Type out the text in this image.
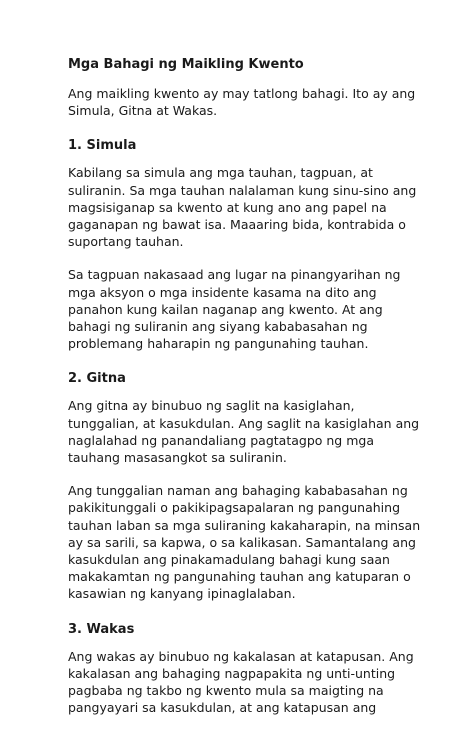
Mga Bahagi ng Maikling Kwento

Ang maikling kwento ay may tatlong bahagi. Ito ay ang Simula, Gitna at Wakas.

1. Simula

Kabilang sa simula ang mga tauhan, tagpuan, at suliranin. Sa mga tauhan nalalaman kung sinu-sino ang magsisiganap sa kwento at kung ano ang papel na gaganapan ng bawat isa. Maaaring bida, kontrabida o suportang tauhan.

Sa tagpuan nakasaad ang lugar na pinangyarihan ng mga aksyon o mga insidente kasama na dito ang panahon kung kailan naganap ang kwento. At ang bahagi ng suliranin ang siyang kababasahan ng problemang haharapin ng pangunahing tauhan.

2. Gitna

Ang gitna ay binubuo ng saglit na kasiglahan, tunggalian, at kasukdulan. Ang saglit na kasiglahan ang naglalahad ng panandaliang pagtatagpo ng mga tauhang masasangkot sa suliranin.

Ang tunggalian naman ang bahaging kababasahan ng pakikitunggali o pakikipagsapalaran ng pangunahing tauhan laban sa mga suliraning kakaharapin, na minsan ay sa sarili, sa kapwa, o sa kalikasan. Samantalang ang kasukdulan ang pinakamadulang bahagi kung saan makakamtan ng pangunahing tauhan ang katuparan o kasawian ng kanyang ipinaglalaban.

3. Wakas

Ang wakas ay binubuo ng kakalasan at katapusan. Ang kakalasan ang bahaging nagpapakita ng unti-unting pagbaba ng takbo ng kwento mula sa maigting na pangyayari sa kasukdulan, at ang katapusan ang
